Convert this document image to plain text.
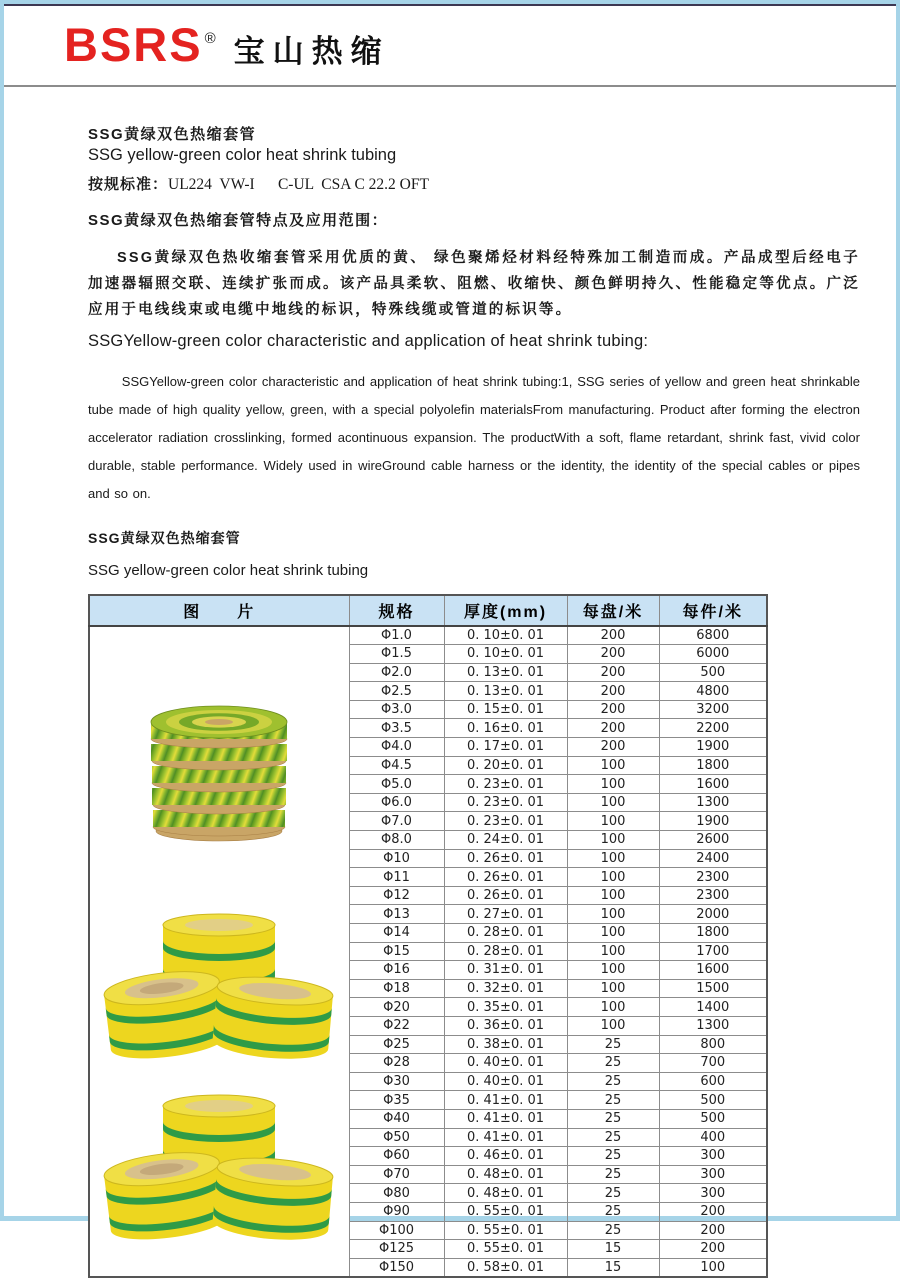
BSRS ® 宝山热缩

SSG黄绿双色热缩套管

SSG yellow-green color heat shrink tubing

按规标准：UL224  VW-I      C-UL  CSA C 22.2 OFT

SSG黄绿双色热缩套管特点及应用范围：

SSG黄绿双色热收缩套管采用优质的黄、 绿色聚烯烃材料经特殊加工制造而成。产品成型后经电子加速器辐照交联、连续扩张而成。该产品具柔软、阻燃、收缩快、颜色鲜明持久、性能稳定等优点。广泛应用于电线线束或电缆中地线的标识，特殊线缆或管道的标识等。

SSGYellow-green color characteristic and application of heat shrink tubing:

SSGYellow-green color characteristic and application of heat shrink tubing:1, SSG series of yellow and green heat shrinkable tube made of high quality yellow, green, with a special polyolefin materialsFrom manufacturing. Product after forming the electron accelerator radiation crosslinking, formed acontinuous expansion. The productWith a soft, flame retardant, shrink fast, vivid color durable, stable performance. Widely used in wireGround cable harness or the identity, the identity of the special cables or pipes and so on.

SSG黄绿双色热缩套管

SSG yellow-green color heat shrink tubing

图　　片	规格	厚度(mm)	每盘/米	每件/米

	Φ1.0	0. 10±0. 01	200	6800
	Φ1.5	0. 10±0. 01	200	6000
	Φ2.0	0. 13±0. 01	200	500
	Φ2.5	0. 13±0. 01	200	4800
	Φ3.0	0. 15±0. 01	200	3200
	Φ3.5	0. 16±0. 01	200	2200
	Φ4.0	0. 17±0. 01	200	1900
	Φ4.5	0. 20±0. 01	100	1800
	Φ5.0	0. 23±0. 01	100	1600
	Φ6.0	0. 23±0. 01	100	1300
	Φ7.0	0. 23±0. 01	100	1900
	Φ8.0	0. 24±0. 01	100	2600
	Φ10	0. 26±0. 01	100	2400
	Φ11	0. 26±0. 01	100	2300
	Φ12	0. 26±0. 01	100	2300
	Φ13	0. 27±0. 01	100	2000
	Φ14	0. 28±0. 01	100	1800
	Φ15	0. 28±0. 01	100	1700
	Φ16	0. 31±0. 01	100	1600
	Φ18	0. 32±0. 01	100	1500
	Φ20	0. 35±0. 01	100	1400
	Φ22	0. 36±0. 01	100	1300
	Φ25	0. 38±0. 01	25	800
	Φ28	0. 40±0. 01	25	700
	Φ30	0. 40±0. 01	25	600
	Φ35	0. 41±0. 01	25	500
	Φ40	0. 41±0. 01	25	500
	Φ50	0. 41±0. 01	25	400
	Φ60	0. 46±0. 01	25	300
	Φ70	0. 48±0. 01	25	300
	Φ80	0. 48±0. 01	25	300
	Φ90	0. 55±0. 01	25	200
	Φ100	0. 55±0. 01	25	200
	Φ125	0. 55±0. 01	15	200
	Φ150	0. 58±0. 01	15	100
